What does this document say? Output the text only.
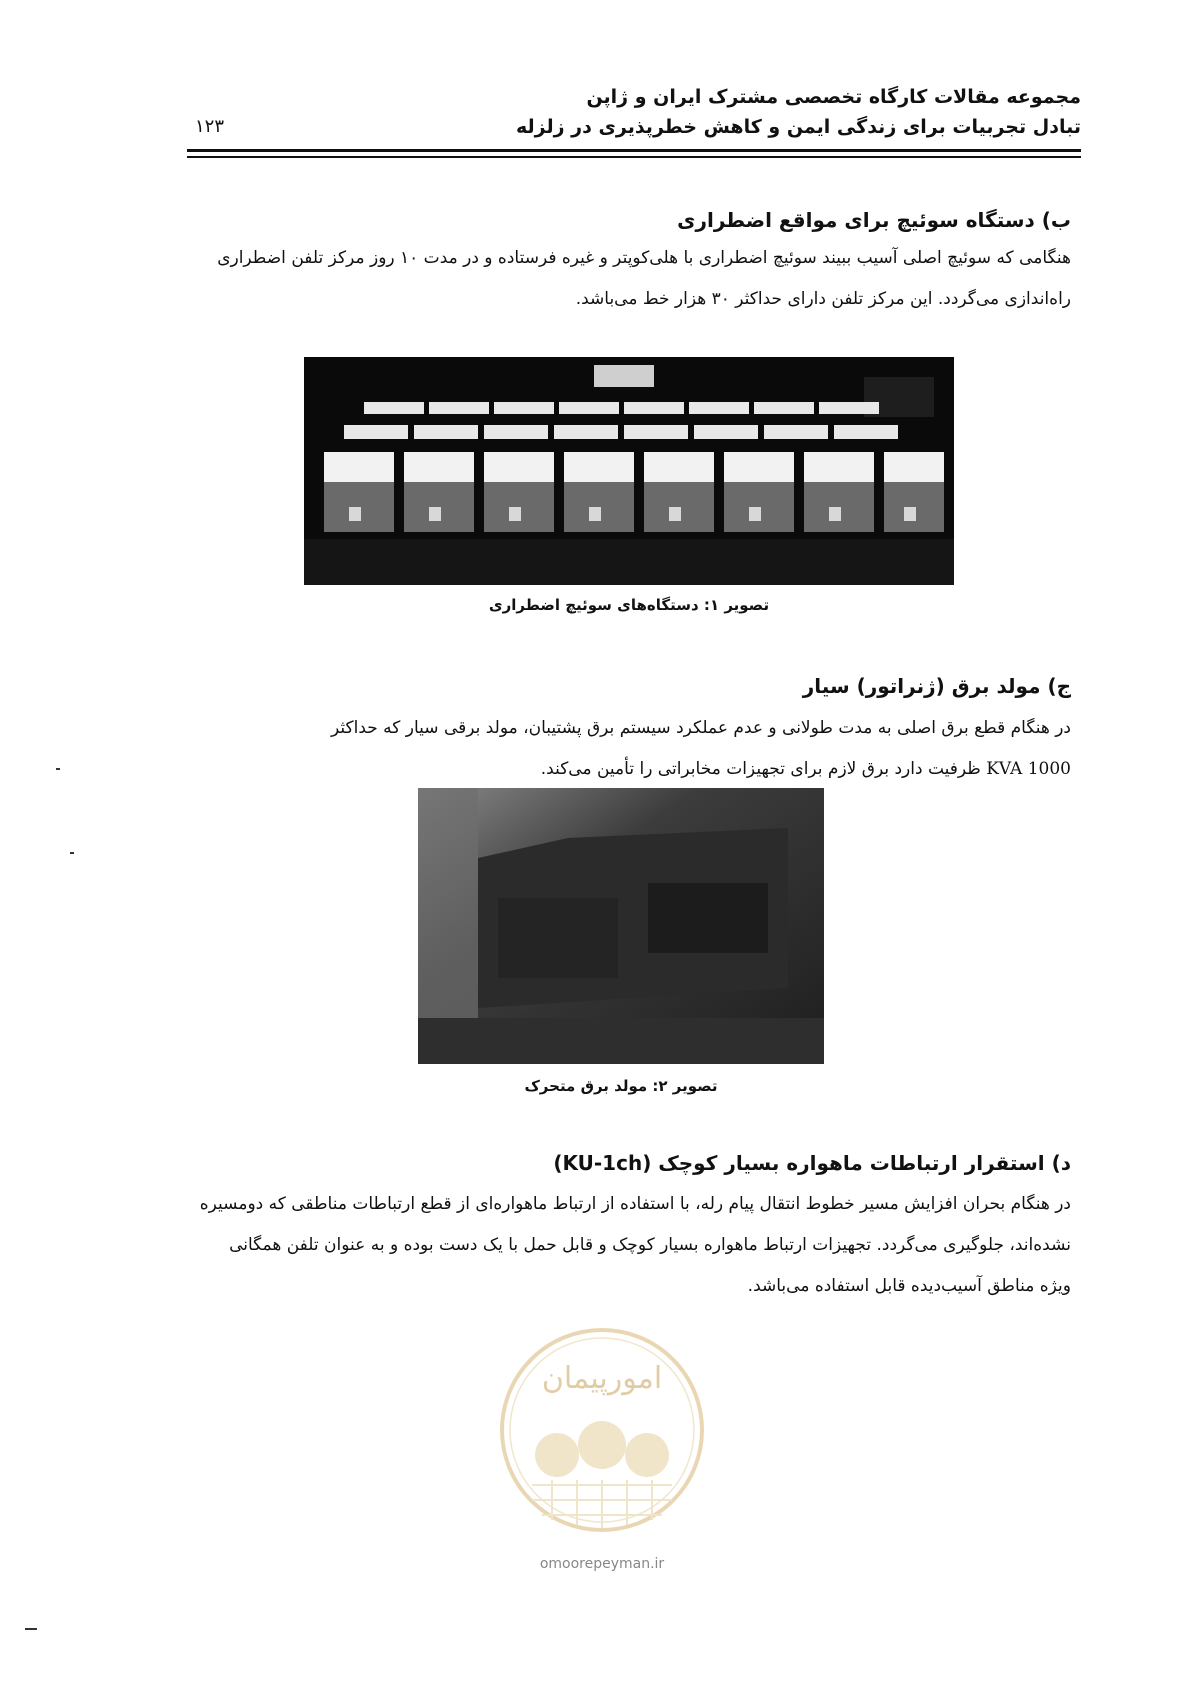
مجموعه مقالات کارگاه تخصصی مشترک ایران و ژاپن
تبادل تجربیات برای زندگی ایمن و کاهش خطرپذیری در زلزله
۱۲۳
ب) دستگاه سوئیچ برای مواقع اضطراری
هنگامی که سوئیچ اصلی آسیب ببیند سوئیچ اضطراری با هلی‌کوپتر و غیره فرستاده و در مدت ۱۰ روز مرکز تلفن اضطراری
راه‌اندازی می‌گردد. این مرکز تلفن دارای حداکثر ۳۰ هزار خط می‌باشد.
تصویر ۱: دستگاه‌های سوئیچ اضطراری
ج) مولد برق (ژنراتور) سیار
در هنگام قطع برق اصلی به مدت طولانی و عدم عملکرد سیستم برق پشتیبان، مولد برقی سیار که حداکثر
1000 KVA ظرفیت دارد برق لازم برای تجهیزات مخابراتی را تأمین می‌کند.
تصویر ۲: مولد برق متحرک
د) استقرار ارتباطات ماهواره بسیار کوچک (KU-1ch)
در هنگام بحران افزایش مسیر خطوط انتقال پیام رله، با استفاده از ارتباط ماهواره‌ای از قطع ارتباطات مناطقی که دومسیره
نشده‌اند، جلوگیری می‌گردد. تجهیزات ارتباط ماهواره بسیار کوچک و قابل حمل با یک دست بوده و به عنوان تلفن همگانی
ویژه مناطق آسیب‌دیده قابل استفاده می‌باشد.
امورپیمان
omoorepeyman.ir
